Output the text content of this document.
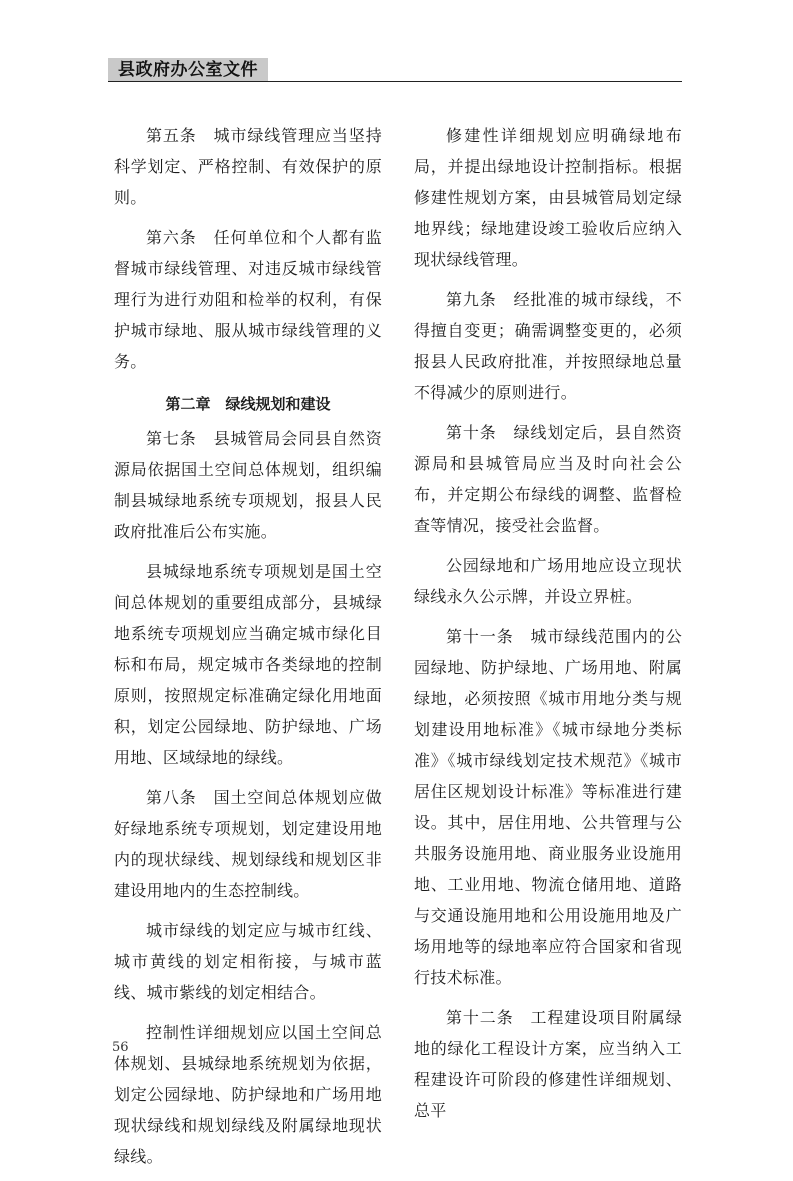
县政府办公室文件

第五条　城市绿线管理应当坚持科学划定、严格控制、有效保护的原则。

第六条　任何单位和个人都有监督城市绿线管理、对违反城市绿线管理行为进行劝阻和检举的权利，有保护城市绿地、服从城市绿线管理的义务。

第二章　绿线规划和建设

第七条　县城管局会同县自然资源局依据国土空间总体规划，组织编制县城绿地系统专项规划，报县人民政府批准后公布实施。

县城绿地系统专项规划是国土空间总体规划的重要组成部分，县城绿地系统专项规划应当确定城市绿化目标和布局，规定城市各类绿地的控制原则，按照规定标准确定绿化用地面积，划定公园绿地、防护绿地、广场用地、区域绿地的绿线。

第八条　国土空间总体规划应做好绿地系统专项规划，划定建设用地内的现状绿线、规划绿线和规划区非建设用地内的生态控制线。

城市绿线的划定应与城市红线、城市黄线的划定相衔接，与城市蓝线、城市紫线的划定相结合。

控制性详细规划应以国土空间总体规划、县城绿地系统规划为依据，划定公园绿地、防护绿地和广场用地现状绿线和规划绿线及附属绿地现状绿线。

修建性详细规划应明确绿地布局，并提出绿地设计控制指标。根据修建性规划方案，由县城管局划定绿地界线；绿地建设竣工验收后应纳入现状绿线管理。

第九条　经批准的城市绿线，不得擅自变更；确需调整变更的，必须报县人民政府批准，并按照绿地总量不得减少的原则进行。

第十条　绿线划定后，县自然资源局和县城管局应当及时向社会公布，并定期公布绿线的调整、监督检查等情况，接受社会监督。

公园绿地和广场用地应设立现状绿线永久公示牌，并设立界桩。

第十一条　城市绿线范围内的公园绿地、防护绿地、广场用地、附属绿地，必须按照《城市用地分类与规划建设用地标准》《城市绿地分类标准》《城市绿线划定技术规范》《城市居住区规划设计标准》等标准进行建设。其中，居住用地、公共管理与公共服务设施用地、商业服务业设施用地、工业用地、物流仓储用地、道路与交通设施用地和公用设施用地及广场用地等的绿地率应符合国家和省现行技术标准。

第十二条　工程建设项目附属绿地的绿化工程设计方案，应当纳入工程建设许可阶段的修建性详细规划、总平

56
